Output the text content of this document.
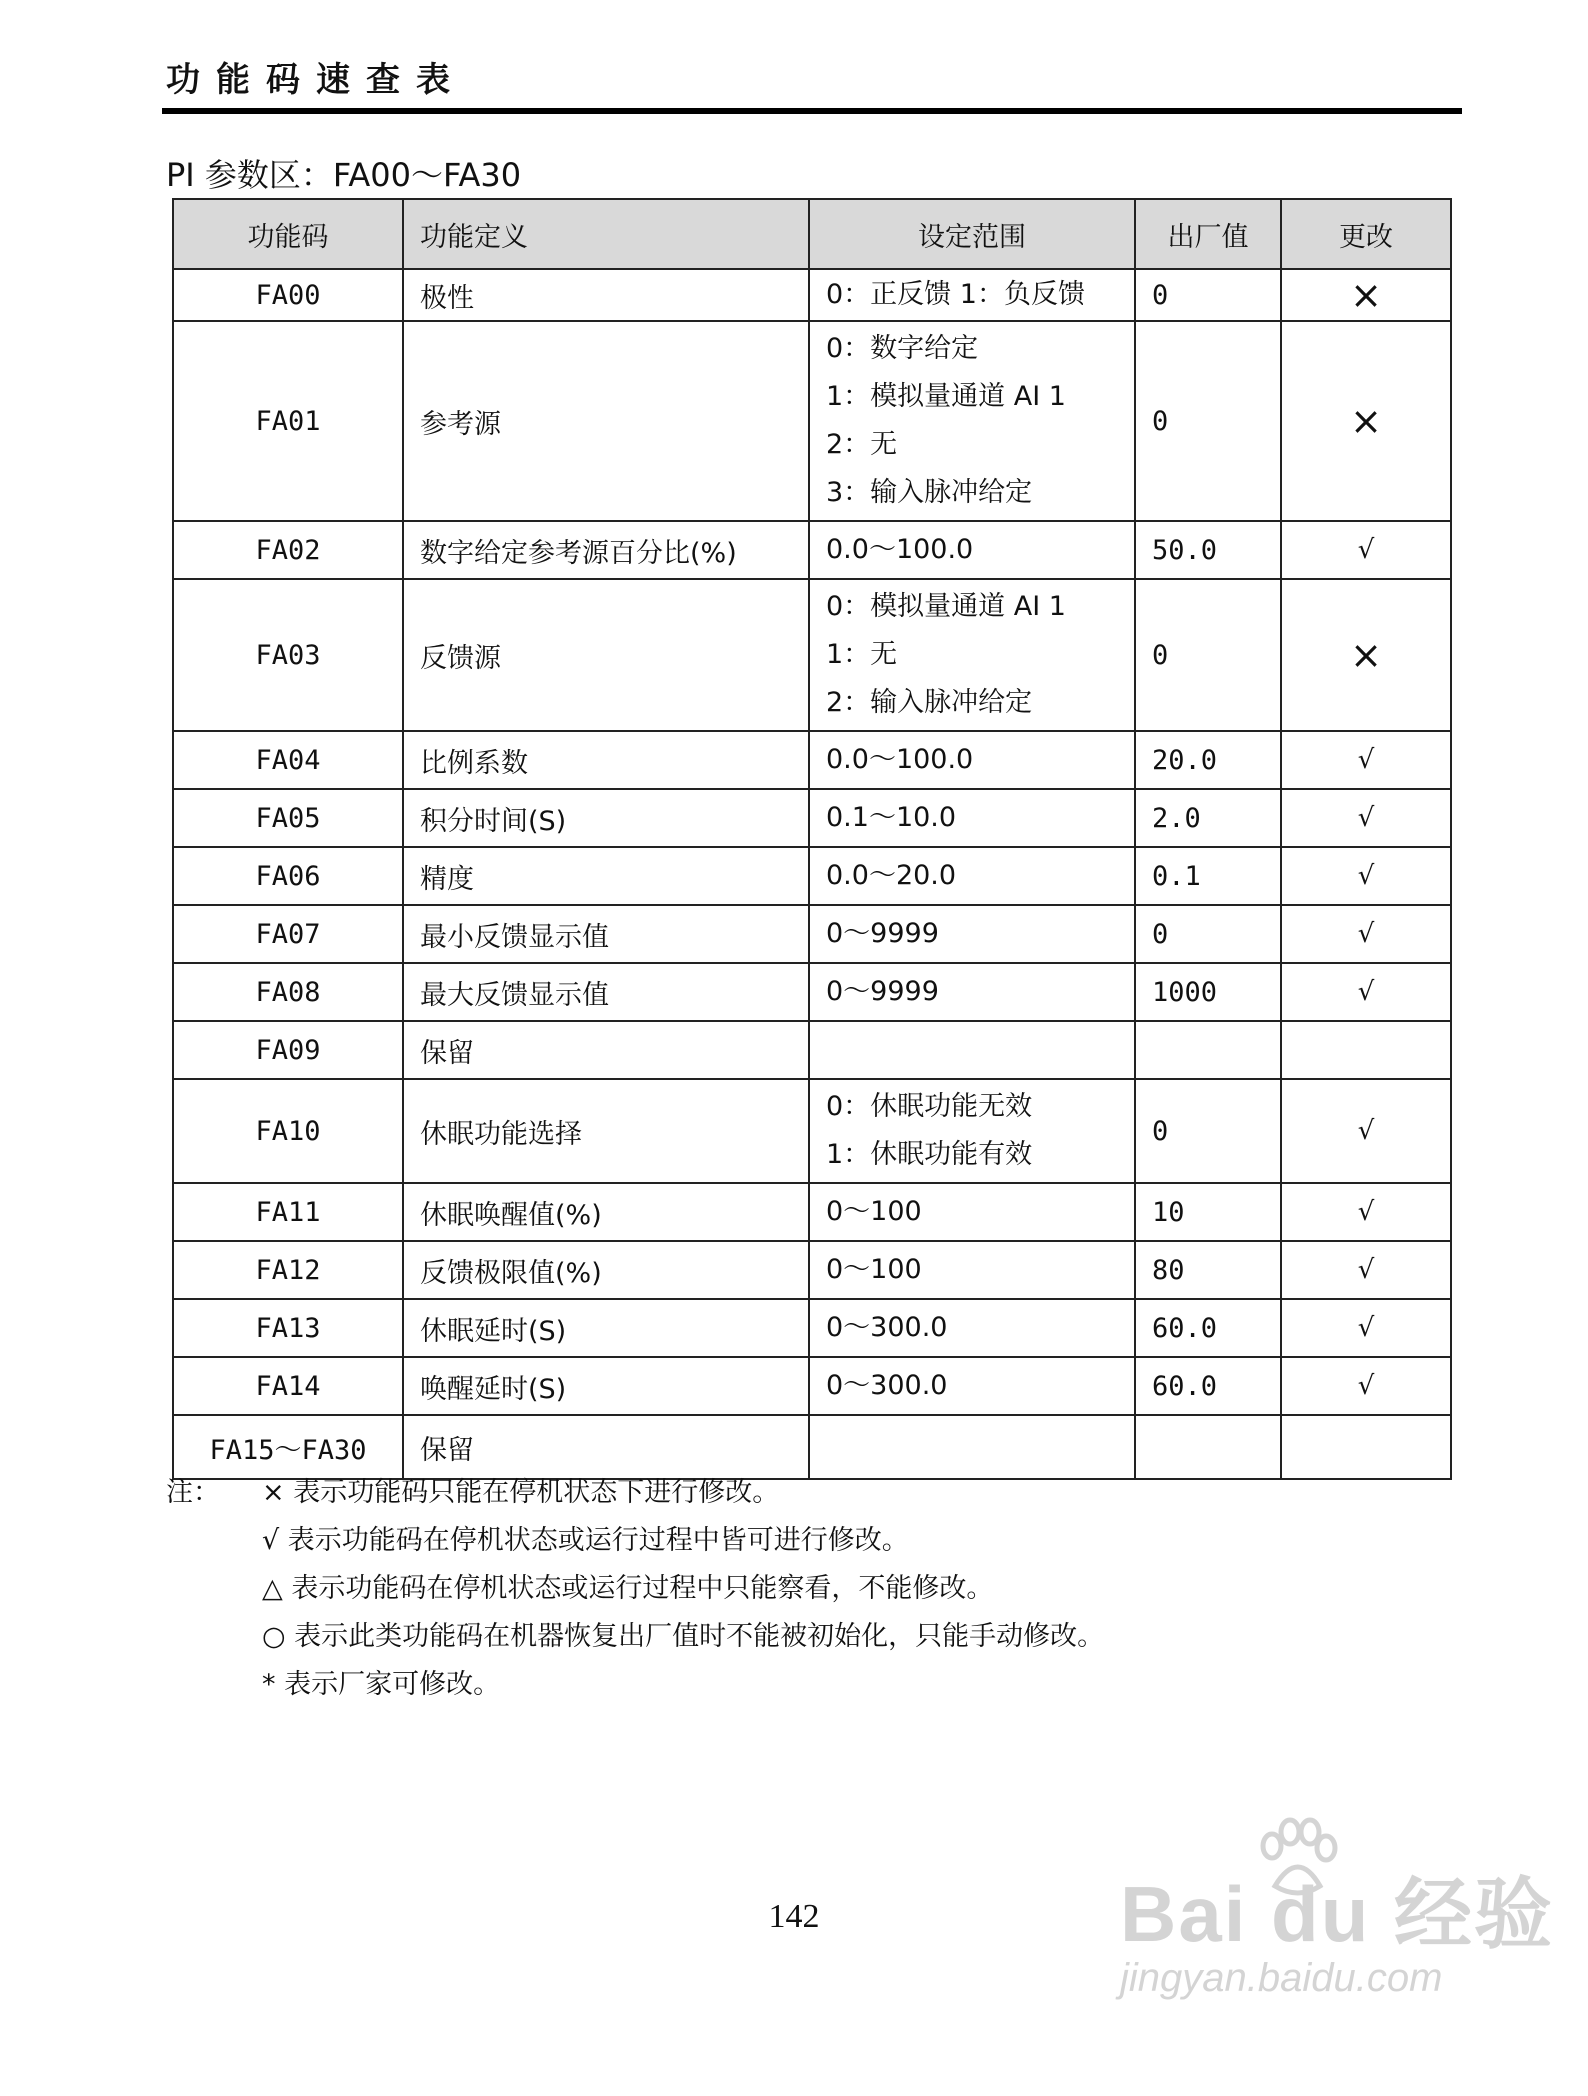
功能码速查表
PI 参数区：FA00～FA30
功能码	功能定义	设定范围	出厂值	更改
FA00	极性	0：正反馈 1：负反馈	0	×
FA01	参考源	0：数字给定
1：模拟量通道 AI 1
2：无
3：输入脉冲给定	0	×
FA02	数字给定参考源百分比(%)	0.0～100.0	50.0	√
FA03	反馈源	0：模拟量通道 AI 1
1：无
2：输入脉冲给定	0	×
FA04	比例系数	0.0～100.0	20.0	√
FA05	积分时间(S)	0.1～10.0	2.0	√
FA06	精度	0.0～20.0	0.1	√
FA07	最小反馈显示值	0～9999	0	√
FA08	最大反馈显示值	0～9999	1000	√
FA09	保留	

FA10	休眠功能选择	0：休眠功能无效
1：休眠功能有效	0	√
FA11	休眠唤醒值(%)	0～100	10	√
FA12	反馈极限值(%)	0～100	80	√
FA13	休眠延时(S)	0～300.0	60.0	√
FA14	唤醒延时(S)	0～300.0	60.0	√
FA15～FA30	保留	

注： × 表示功能码只能在停机状态下进行修改。
√ 表示功能码在停机状态或运行过程中皆可进行修改。
△ 表示功能码在停机状态或运行过程中只能察看，不能修改。
○ 表示此类功能码在机器恢复出厂值时不能被初始化，只能手动修改。
* 表示厂家可修改。
142	Bai du 经验
jingyan.baidu.com
